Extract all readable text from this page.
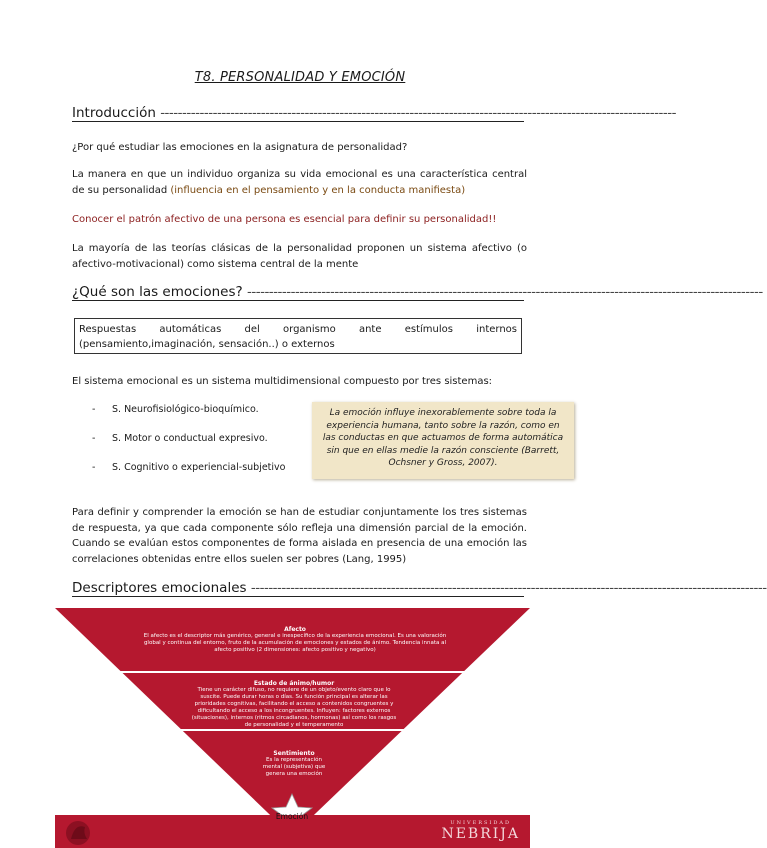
T8. PERSONALIDAD Y EMOCIÓN
Introducción ----------------------------------------------------------------------------------------------------------------------
¿Por qué estudiar las emociones en la asignatura de personalidad?
La manera en que un individuo organiza su vida emocional es una característica central de su personalidad (influencia en el pensamiento y en la conducta manifiesta)
Conocer el patrón afectivo de una persona es esencial para definir su personalidad!!
La mayoría de las teorías clásicas de la personalidad proponen un sistema afectivo (o afectivo-motivacional) como sistema central de la mente
¿Qué son las emociones? ----------------------------------------------------------------------------------------------------------------------
Respuestas automáticas del organismo ante estímulos internos
(pensamiento,imaginación, sensación..) o externos
El sistema emocional es un sistema multidimensional compuesto por tres sistemas:
- S. Neurofisiológico-bioquímico.
- S. Motor o conductual expresivo.
- S. Cognitivo o experiencial-subjetivo
La emoción influye inexorablemente sobre toda la experiencia humana, tanto sobre la razón, como en las conductas en que actuamos de forma automática sin que en ellas medie la razón consciente (Barrett, Ochsner y Gross, 2007).
Para definir y comprender la emoción se han de estudiar conjuntamente los tres sistemas de respuesta, ya que cada componente sólo refleja una dimensión parcial de la emoción. Cuando se evalúan estos componentes de forma aislada en presencia de una emoción las correlaciones obtenidas entre ellos suelen ser pobres (Lang, 1995)
Descriptores emocionales ----------------------------------------------------------------------------------------------------------------------
Afecto
El afecto es el descriptor más genérico, general e inespecífico de la experiencia emocional. Es una valoración global y continua del entorno, fruto de la acumulación de emociones y estados de ánimo. Tendencia innata al afecto positivo (2 dimensiones: afecto positivo y negativo)
Estado de ánimo/humor
Tiene un carácter difuso, no requiere de un objeto/evento claro que lo suscite. Puede durar horas o días. Su función principal es alterar las prioridades cognitivas, facilitando el acceso a contenidos congruentes y dificultando el acceso a los incongruentes. Influyen: factores externos (situaciones), internos (ritmos circadianos, hormonas) así como los rasgos de personalidad y el temperamento
Sentimiento
Es la representación mental (subjetiva) que genera una emoción
UNIVERSIDAD
NEBRIJA
Emoción
